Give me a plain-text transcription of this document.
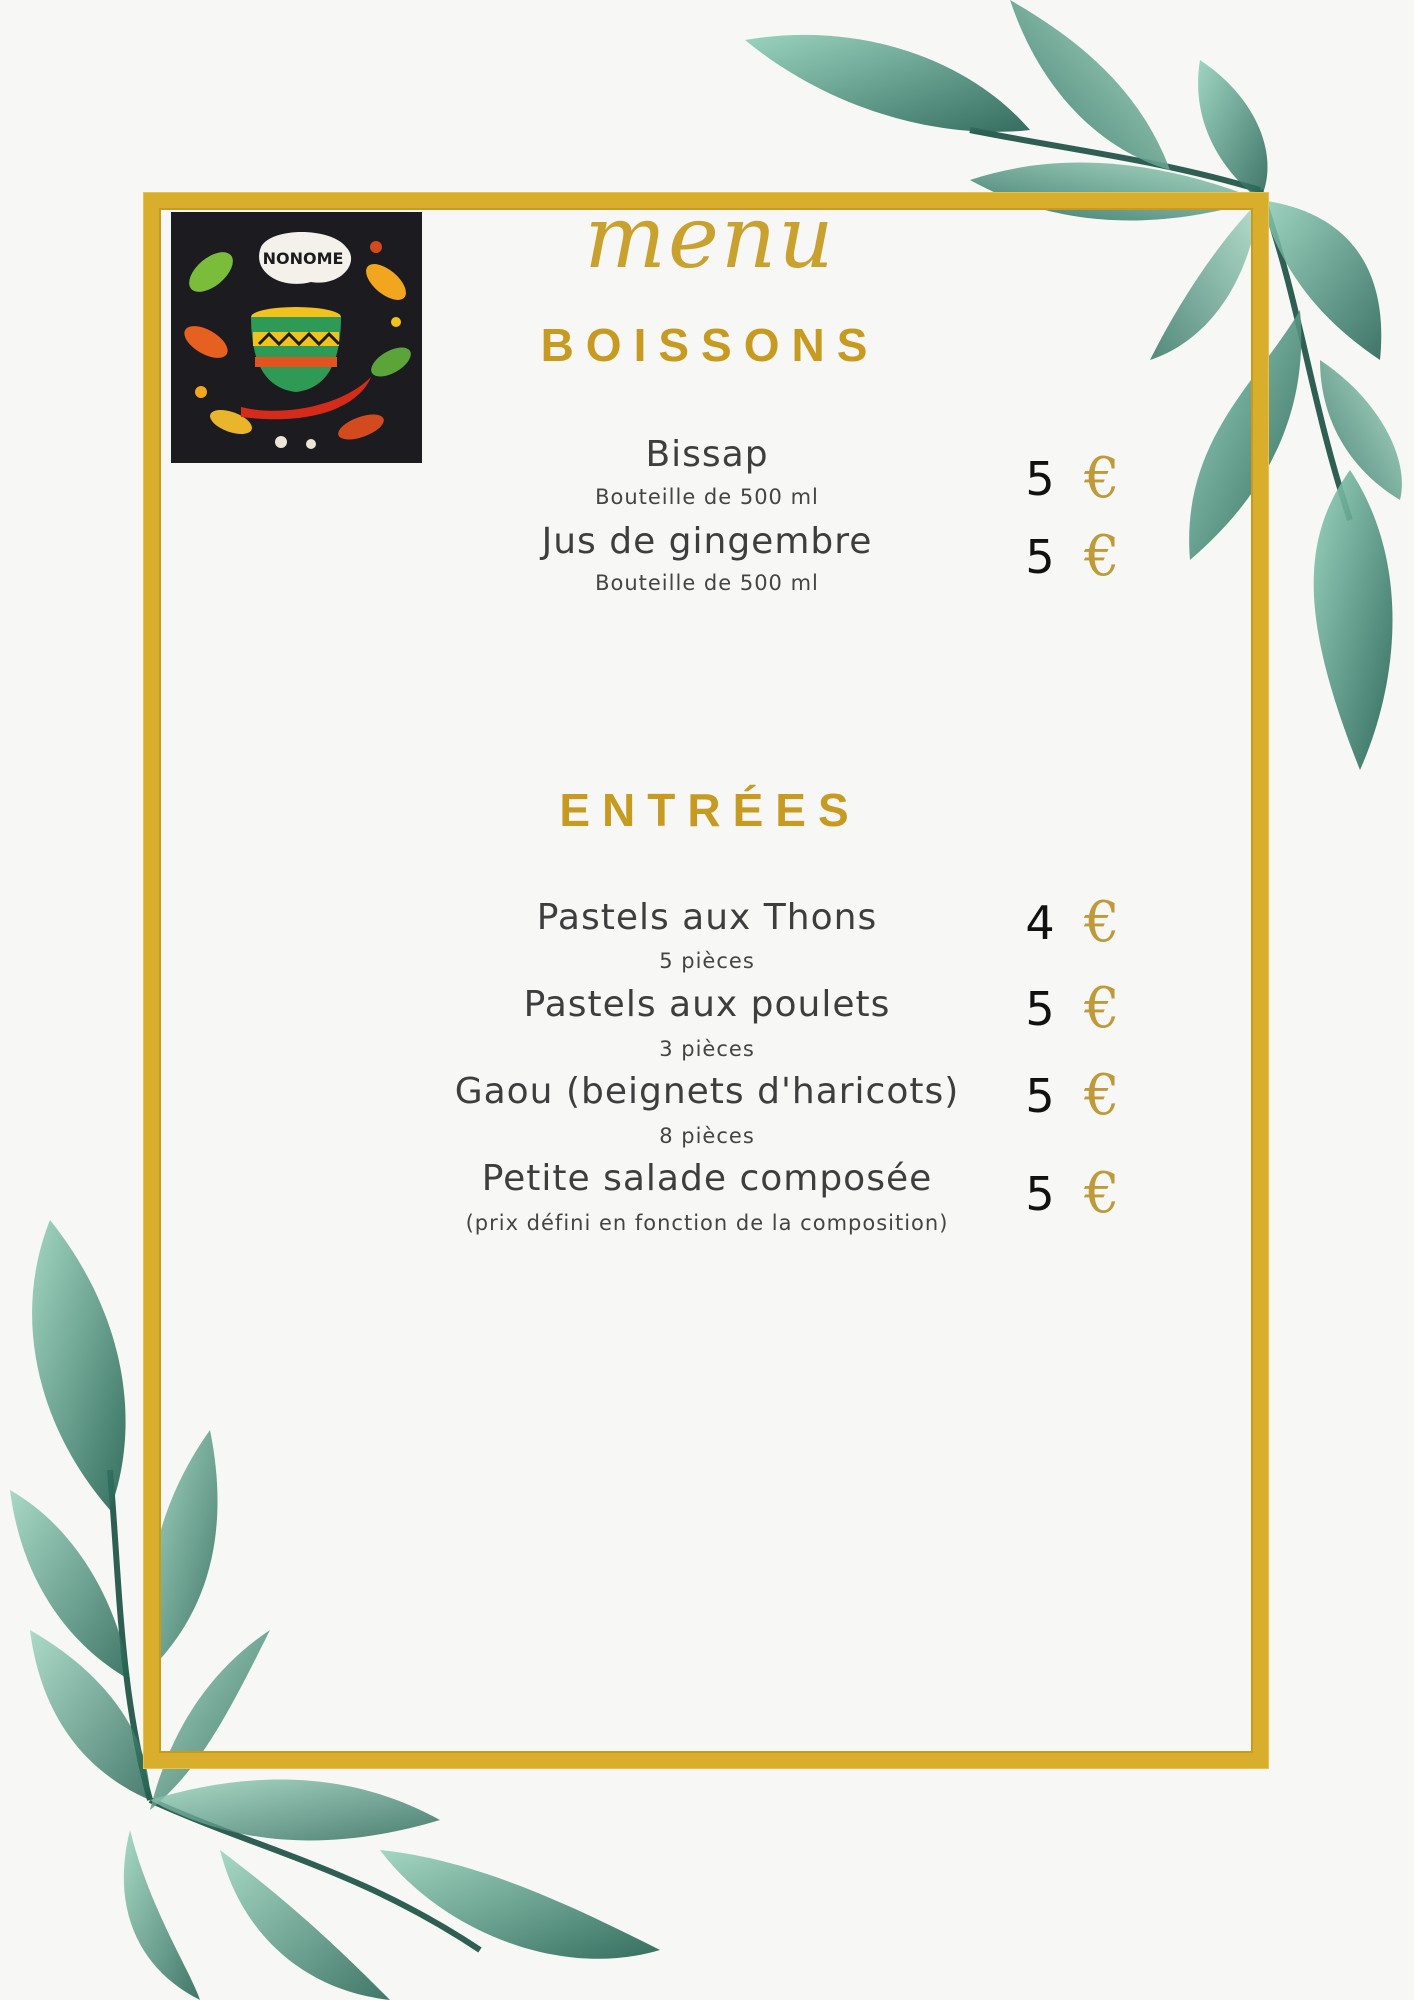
NONOME	menu
BOISSONS
Bissap
Bouteille de 500 ml	5 €
Jus de gingembre
Bouteille de 500 ml	5 €
ENTRÉES
Pastels aux Thons
5 pièces
4 €
Pastels aux poulets
3 pièces
5 €
Gaou (beignets d'haricots)
8 pièces
5 €
Petite salade composée
(prix défini en fonction de la composition)
5 €
